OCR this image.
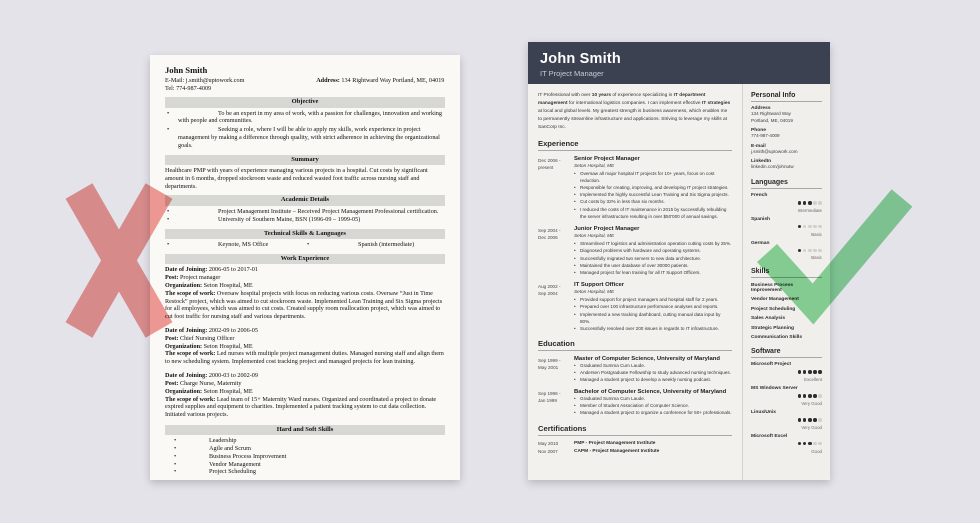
John Smith
E-Mail: j.smith@uptowork.com
Tel: 774-987-4009
Address: 134 Rightward Way Portland, ME, 04019
Objective
• To be an expert in my area of work, with a passion for challenges, innovation and working with people and communities.
• Seeking a role, where I will be able to apply my skills, work experience in project management by making a difference through quality, with strict adherence in achieving the organizational goals.
Summary
Healthcare PMP with years of experience managing various projects in a hospital. Cut costs by significant amount in 6 months, dropped stockroom waste and reduced wasted foot traffic across nursing staff and departments.
Academic Details
• Project Management Institute – Received Project Management Professional certification.
• University of Southern Maine, BSN (1996-09 – 1999-05)
Technical Skills & Languages
• Keynote, MS Office	• Spanish (intermediate)
Work Experience
Date of Joining: 2006-05 to 2017-01
Post: Project manager
Organization: Seton Hospital, ME
The scope of work: Oversaw hospital projects with focus on reducing various costs. Oversaw “Just in Time Restock” project, which was aimed to cut stockroom waste. Implemented Lean Training and Six Sigma projects for all employees, which was aimed to cut costs. Created supply room reallocation project, which was aimed to cut foot traffic for nursing staff and various departments.
Date of Joining: 2002-09 to 2006-05
Post: Chief Nursing Officer
Organization: Seton Hospital, ME
The scope of work: Led nurses with multiple project management duties. Managed nursing staff and align them to new scheduling system. Implemented cost tracking project and managed projects for lean training.
Date of Joining: 2000-03 to 2002-09
Post: Charge Nurse, Maternity
Organization: Seton Hospital, ME
The scope of work: Lead team of 15+ Maternity Ward nurses. Organized and coordinated a project to donate expired supplies and equipment to charities. Implemented a patient tracking system to cut data collection. Initiated various projects.
Hard and Soft Skills
• Leadership
• Agile and Scrum
• Business Process Improvement
• Vendor Management
• Project Scheduling
John Smith
IT Project Manager
IT Professional with over 10 years of experience specializing in IT department management for international logistics companies. I can implement effective IT strategies at local and global levels. My greatest strength is business awareness, which enables me to permanently streamline infrastructure and applications. Striving to leverage my skills at SanCorp Inc.
Experience
Dec 2006 -
present
Senior Project Manager
Seton Hospital, ME
• Oversaw all major hospital IT projects for 10+ years, focus on cost reduction.
• Responsible for creating, improving, and developing IT project strategies.
• Implemented the highly successful Lean Training and Six Sigma projects.
• Cut costs by 32% in less than six months.
• I reduced the costs of IT maintenance in 2015 by successfully rebuilding the server infrastructure resulting in over $50'000 of annual savings.
Sep 2004 -
Dec 2006
Junior Project Manager
Seton Hospital, ME
• Streamlined IT logistics and administration operation cutting costs by 25%.
• Diagnosed problems with hardware and operating systems.
• Successfully migrated two servers to new data architecture.
• Maintained the user database of over 30000 patients.
• Managed project for lean training for all IT Support Officers.
Aug 2002 -
Sep 2004
IT Support Officer
Seton Hospital, ME
• Provided support for project managers and hospital staff for 2 years.
• Prepared over 100 infrastructure performance analyses and reports.
• Implemented a new tracking dashboard, cutting manual data input by 80%.
• Successfully resolved over 200 issues in regards to IT infrastructure.
Education
Sep 1999 -
May 2001
Master of Computer Science, University of Maryland
• Graduated Summa Cum Laude.
• Andersen Postgraduate Fellowship to study advanced nursing techniques.
• Managed a student project to develop a weekly nursing podcast.
Sep 1996 -
Jan 1999
Bachelor of Computer Science, University of Maryland
• Graduated Summa Cum Laude.
• Member of Student Association of Computer Science.
• Managed a student project to organize a conference for 50+ professionals.
Certifications
May 2010	PMP - Project Management Institute
Nov 2007	CAPM - Project Management Institute
Personal Info
Address
134 Rightward Way
Portland, ME, 04019
Phone
774-987-4009
E-mail
j.smith@uptowork.com
LinkedIn
linkedin.com/johnutw
Languages
French
Intermediate
Spanish
Basic
German
Basic
Skills
Business Process Improvement
Vendor Management
Project Scheduling
Sales Analysis
Strategic Planning
Communication Skills
Software
Microsoft Project
Excellent
MS Windows Server
Very Good
Linux/Unix
Very Good
Microsoft Excel
Good
